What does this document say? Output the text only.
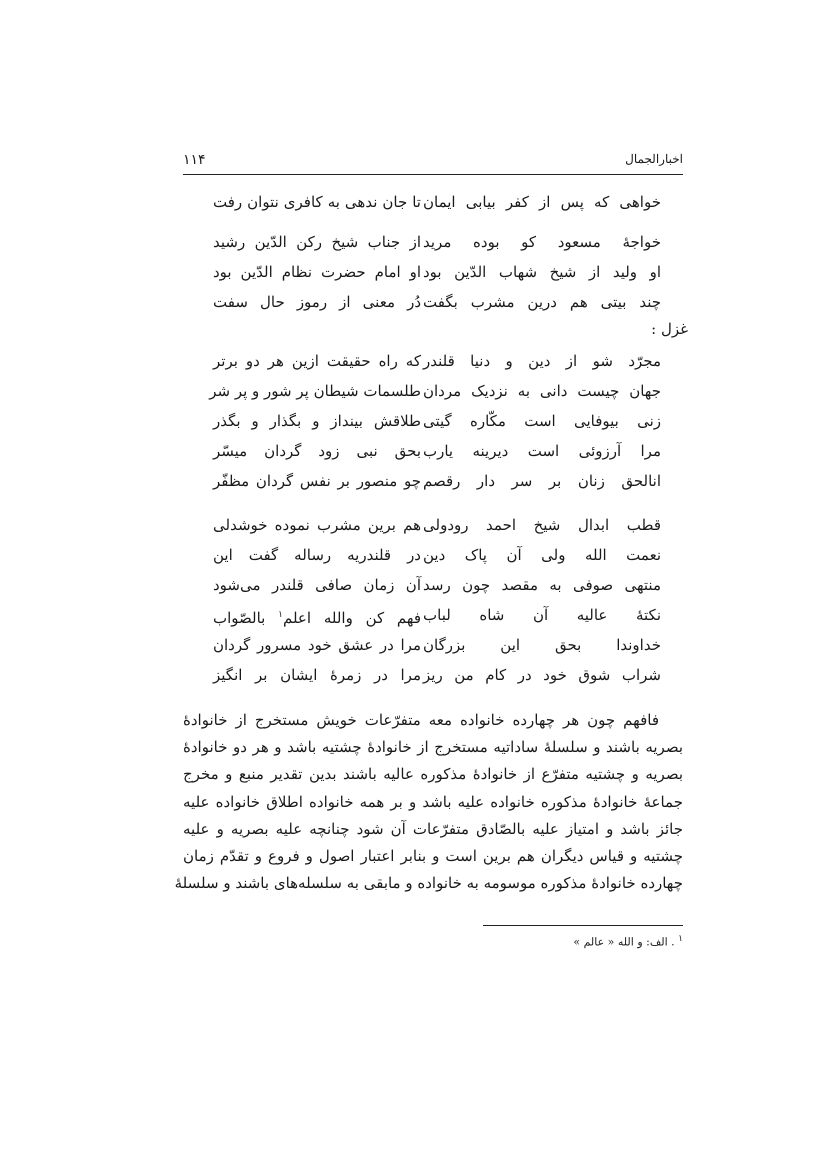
۱۱۴	اخبارالجمال
خواهی که پس از کفر بیابی ایمان
تا جان ندهی به کافری نتوان رفت
خواجۀ مسعود کو بوده مرید
از جناب شیخ رکن الدّین رشید
او ولید از شیخ شهاب الدّین بود
او امام حضرت نظام الدّین بود
چند بیتی هم درین مشرب بگفت
دُر معنی از رموز حال سفت
غزل :
مجرّد شو از دین و دنیا قلندر
که راه حقیقت ازین هر دو برتر
جهان چیست دانی به نزدیک مردان
طلسمات شیطان پر شور و پر شر
زنی بیوفایی است مکّاره گیتی
طلاقش بینداز و بگذار و بگذر
مرا آرزوئی است دیرینه یارب
بحق نبی زود گردان میسّر
انالحق زنان بر سر دار رقصم
چو منصور بر نفس گردان مظفّر
قطب ابدال شیخ احمد رودولی
هم برین مشرب نموده خوشدلی
نعمت الله ولی آن پاک دین
در قلندریه رساله گفت این
منتهی صوفی به مقصد چون رسد
آن زمان صافی قلندر می‌شود
نکتۀ عالیه آن شاه لباب
فهم کن والله اعلم$^۱$ بالصّواب
خداوندا بحق این بزرگان
مرا در عشق خود مسرور گردان
شراب شوق خود در کام من ریز
مرا در زمرۀ ایشان بر انگیز
فافهم چون هر چهارده خانواده معه متفرّعات خویش مستخرج از خانوادۀ
بصریه باشند و سلسلۀ ساداتیه مستخرج از خانوادۀ چشتیه باشد و هر دو خانوادۀ
بصریه و چشتیه متفرّع از خانوادۀ مذکوره عالیه باشند بدین تقدیر منبع و مخرج
جماعۀ خانوادۀ مذکوره خانواده علیه باشد و بر همه خانواده اطلاق خانواده علیه
جائز باشد و امتیاز علیه بالصّادق متفرّعات آن شود چنانچه علیه بصریه و علیه
چشتیه و قیاس دیگران هم برین است و بنابر اعتبار اصول و فروع و تقدّم زمان
چهارده خانوادۀ مذکوره موسومه به خانواده و مابقی به سلسله‌های باشند و سلسلۀ
$^۱$ . الف: و الله « عالم »
